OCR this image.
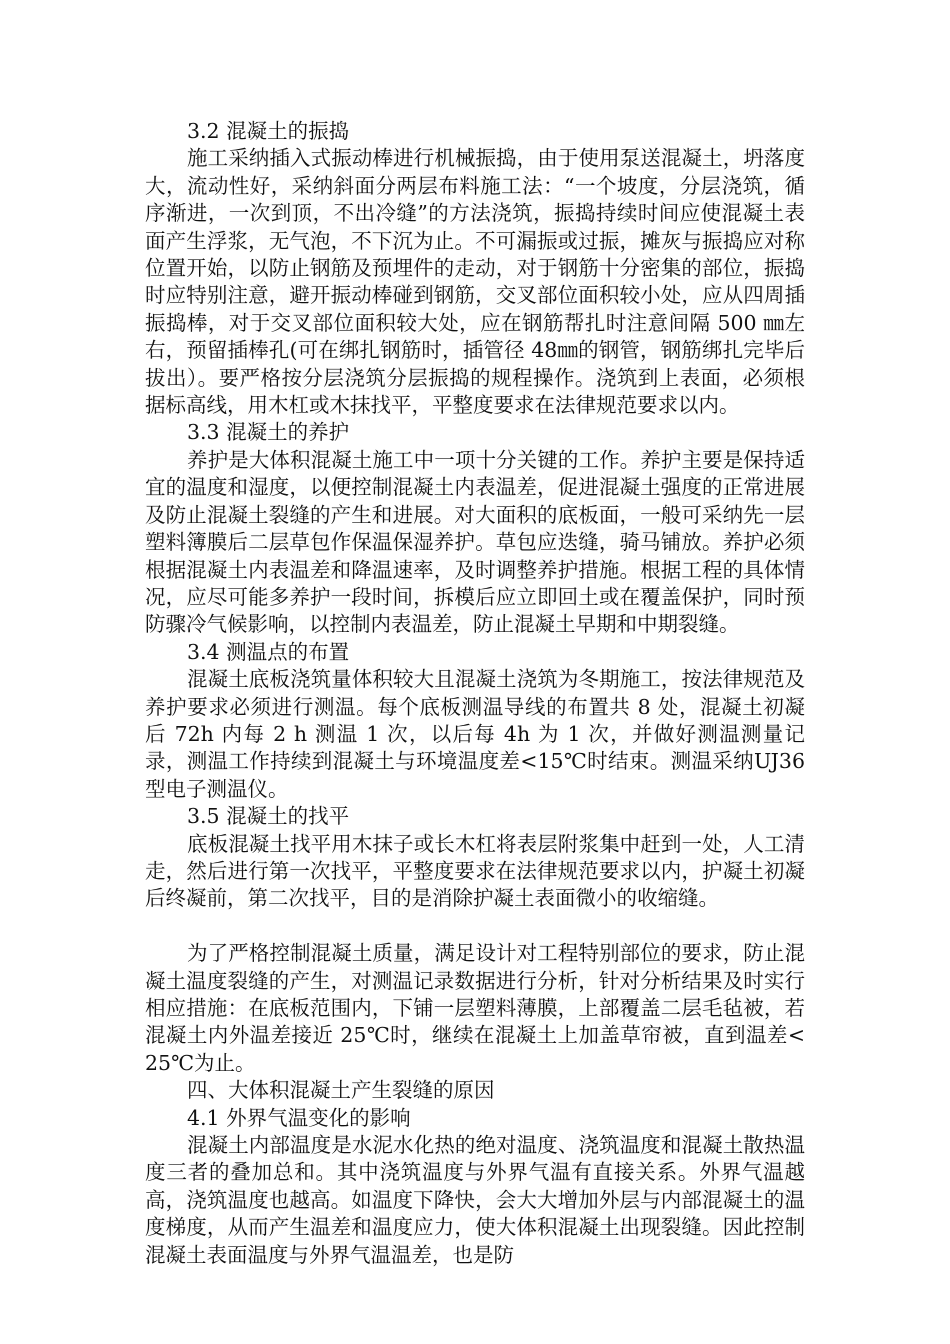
3.2 混凝土的振捣

施工采纳插入式振动棒进行机械振捣，由于使用泵送混凝土，坍落度大，流动性好，采纳斜面分两层布料施工法：“一个坡度，分层浇筑，循序渐进，一次到顶，不出冷缝”的方法浇筑，振捣持续时间应使混凝土表面产生浮浆，无气泡，不下沉为止。不可漏振或过振，摊灰与振捣应对称位置开始，以防止钢筋及预埋件的走动，对于钢筋十分密集的部位，振捣时应特别注意，避开振动棒碰到钢筋，交叉部位面积较小处，应从四周插振捣棒，对于交叉部位面积较大处，应在钢筋帮扎时注意间隔 500 ㎜左右，预留插棒孔(可在绑扎钢筋时，插管径 48㎜的钢管，钢筋绑扎完毕后拔出）。要严格按分层浇筑分层振捣的规程操作。浇筑到上表面，必须根据标高线，用木杠或木抹找平，平整度要求在法律规范要求以内。

3.3 混凝土的养护

养护是大体积混凝土施工中一项十分关键的工作。养护主要是保持适宜的温度和湿度，以便控制混凝土内表温差，促进混凝土强度的正常进展及防止混凝土裂缝的产生和进展。对大面积的底板面，一般可采纳先一层塑料簿膜后二层草包作保温保湿养护。草包应迭缝，骑马铺放。养护必须根据混凝土内表温差和降温速率，及时调整养护措施。根据工程的具体情况，应尽可能多养护一段时间，拆模后应立即回土或在覆盖保护，同时预防骤冷气候影响，以控制内表温差，防止混凝土早期和中期裂缝。

3.4 测温点的布置

混凝土底板浇筑量体积较大且混凝土浇筑为冬期施工，按法律规范及养护要求必须进行测温。每个底板测温导线的布置共 8 处，混凝土初凝后 72h 内每 2 h 测温 1 次，以后每 4h 为 1 次，并做好测温测量记录，测温工作持续到混凝土与环境温度差<15℃时结束。测温采纳UJ36 型电子测温仪。

3.5 混凝土的找平

底板混凝土找平用木抹子或长木杠将表层附浆集中赶到一处，人工清走，然后进行第一次找平，平整度要求在法律规范要求以内，护凝土初凝后终凝前，第二次找平，目的是消除护凝土表面微小的收缩缝。

为了严格控制混凝土质量，满足设计对工程特别部位的要求，防止混凝土温度裂缝的产生，对测温记录数据进行分析，针对分析结果及时实行相应措施：在底板范围内，下铺一层塑料薄膜，上部覆盖二层毛毡被，若混凝土内外温差接近 25℃时，继续在混凝土上加盖草帘被，直到温差< 25℃为止。

四、大体积混凝土产生裂缝的原因

4.1 外界气温变化的影响

混凝土内部温度是水泥水化热的绝对温度、浇筑温度和混凝土散热温度三者的叠加总和。其中浇筑温度与外界气温有直接关系。外界气温越高，浇筑温度也越高。如温度下降快，会大大增加外层与内部混凝土的温度梯度，从而产生温差和温度应力，使大体积混凝土出现裂缝。因此控制混凝土表面温度与外界气温温差，也是防
